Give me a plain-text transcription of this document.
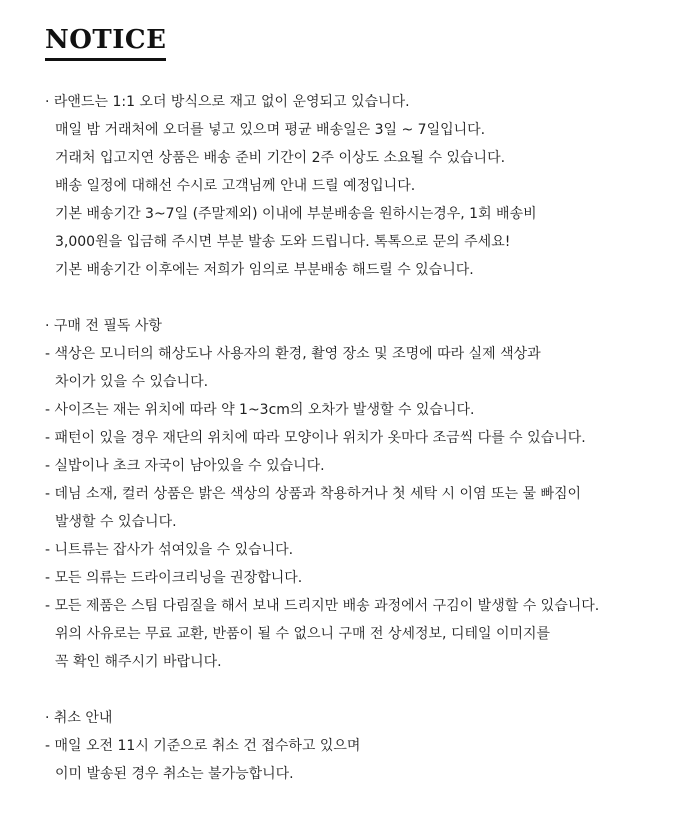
NOTICE
· 라앤드는 1:1 오더 방식으로 재고 없이 운영되고 있습니다.
매일 밤 거래처에 오더를 넣고 있으며 평균 배송일은 3일 ~ 7일입니다.
거래처 입고지연 상품은 배송 준비 기간이 2주 이상도 소요될 수 있습니다.
배송 일정에 대해선 수시로 고객님께 안내 드릴 예정입니다.
기본 배송기간 3~7일 (주말제외) 이내에 부분배송을 원하시는경우, 1회 배송비
3,000원을 입금해 주시면 부분 발송 도와 드립니다. 톡톡으로 문의 주세요!
기본 배송기간 이후에는 저희가 임의로 부분배송 해드릴 수 있습니다.
· 구매 전 필독 사항
- 색상은 모니터의 해상도나 사용자의 환경, 촬영 장소 및 조명에 따라 실제 색상과
차이가 있을 수 있습니다.
- 사이즈는 재는 위치에 따라 약 1~3cm의 오차가 발생할 수 있습니다.
- 패턴이 있을 경우 재단의 위치에 따라 모양이나 위치가 옷마다 조금씩 다를 수 있습니다.
- 실밥이나 초크 자국이 남아있을 수 있습니다.
- 데님 소재, 컬러 상품은 밝은 색상의 상품과 착용하거나 첫 세탁 시 이염 또는 물 빠짐이
발생할 수 있습니다.
- 니트류는 잡사가 섞여있을 수 있습니다.
- 모든 의류는 드라이크리닝을 권장합니다.
- 모든 제품은 스팀 다림질을 해서 보내 드리지만 배송 과정에서 구김이 발생할 수 있습니다.
위의 사유로는 무료 교환, 반품이 될 수 없으니 구매 전 상세정보, 디테일 이미지를
꼭 확인 해주시기 바랍니다.
· 취소 안내
- 매일 오전 11시 기준으로 취소 건 접수하고 있으며
이미 발송된 경우 취소는 불가능합니다.
